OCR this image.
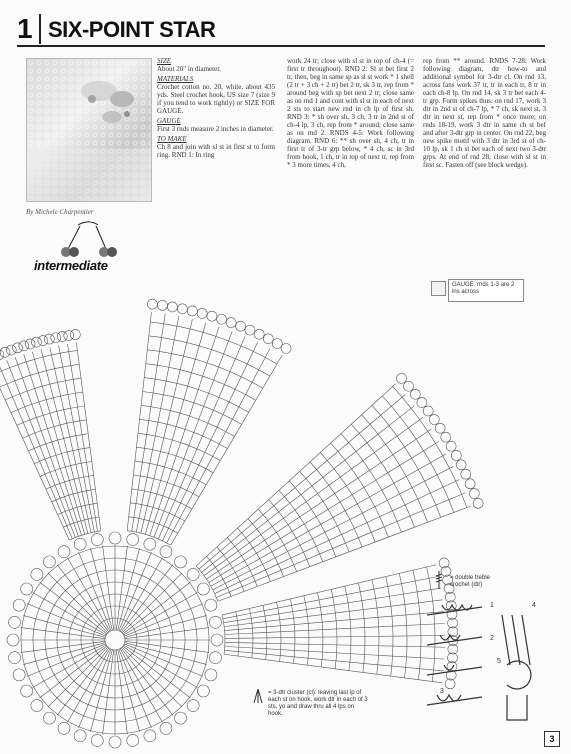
1 SIX-POINT STAR
By Michele Charpentier
intermediate
SIZE

About 20" in diameter.

MATERIALS

Crochet cotton no. 20, white, about 435 yds. Steel crochet hook, US size 7 (size 9 if you tend to work tightly) or SIZE FOR GAUGE.

GAUGE

First 3 rnds measure 2 inches in diameter.

TO MAKE

Ch 8 and join with sl st in first st to form ring. RND 1: In ring

work 24 tr; close with sl st in top of ch-4 (= first tr throughout). RND 2: Sl st bet first 2 tr, then, beg in same sp as sl st work * 1 shell (2 tr + 3 ch + 2 tr) bet 2 tr, sk 3 tr, rep from * around beg with sp bet next 2 tr; close same as on rnd 1 and cont with sl st in each of next 2 sts to start new rnd in ch lp of first sh. RND 3: * sh over sh, 3 ch, 3 tr in 2nd st of ch-4 lp, 3 ch, rep from * around; close same as on rnd 2. RNDS 4-5: Work following diagram. RND 6: ** sh over sh, 4 ch, tr in first tr of 3-tr grp below, * 4 ch, sc in 3rd from hook, 1 ch, tr in top of next tr, rep from * 3 more times, 4 ch,

rep from ** around. RNDS 7-28: Work following diagram, dtr how-to and additional symbol for 3-dtr cl. On rnd 13, across fans work 37 tr, tr in each tr, 8 tr in each ch-8 lp. On rnd 14, sk 3 tr bet each 4-tr grp. Form spikes thus: on rnd 17, work 3 dtr in 2nd st of ch-7 lp, * 7 ch, sk next st, 3 dtr in next st, rep from * once more; on rnds 18-19, work 3 dtr in same ch st bef and after 3-dtr grp in center. On rnd 22, beg new spike motif with 3 dtr in 3rd st of ch-10 lp, sk 1 ch st bet each of next two 3-dtr grps. At end of rnd 28, close with sl st in first sc. Fasten off (see block wedge).

GAUGE: rnds 1-3 are 2 ins across
= double treble crochet (dtr)
= 3-dtr cluster (cl): leaving last lp of each st on hook, work dtr in each of 3 sts, yo and draw thru all 4 lps on hook.
1
2
3
4
5
3
